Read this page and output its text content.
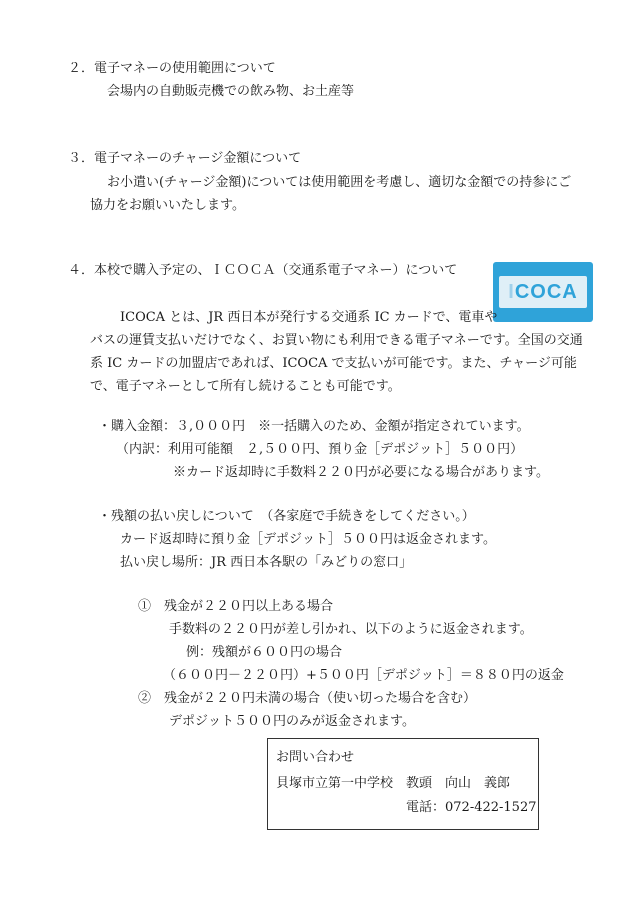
２．電子マネーの使用範囲について
会場内の自動販売機での飲み物、お土産等
３．電子マネーのチャージ金額について
お小遣い(チャージ金額)については使用範囲を考慮し、適切な金額での持参にご
協力をお願いいたします。
４．本校で購入予定の、ＩＣＯＣＡ（交通系電子マネー）について
ICOCA
ICOCA とは、JR 西日本が発行する交通系 IC カードで、電車や
バスの運賃支払いだけでなく、お買い物にも利用できる電子マネーです。全国の交通
系 IC カードの加盟店であれば、ICOCA で支払いが可能です。また、チャージ可能
で、電子マネーとして所有し続けることも可能です。
・購入金額：３,０００円　※一括購入のため、金額が指定されています。
（内訳：利用可能額　２,５００円、預り金［デポジット］５００円）
※カード返却時に手数料２２０円が必要になる場合があります。
・残額の払い戻しについて　（各家庭で手続きをしてください。）
カード返却時に預り金［デポジット］５００円は返金されます。
払い戻し場所：JR 西日本各駅の「みどりの窓口」
①　残金が２２０円以上ある場合
手数料の２２０円が差し引かれ、以下のように返金されます。
例：残額が６００円の場合
（６００円－２２０円）+５００円［デポジット］＝８８０円の返金
②　残金が２２０円未満の場合（使い切った場合を含む）
デポジット５００円のみが返金されます。
お問い合わせ
貝塚市立第一中学校　教頭　向山　義郎
電話：072-422-1527
